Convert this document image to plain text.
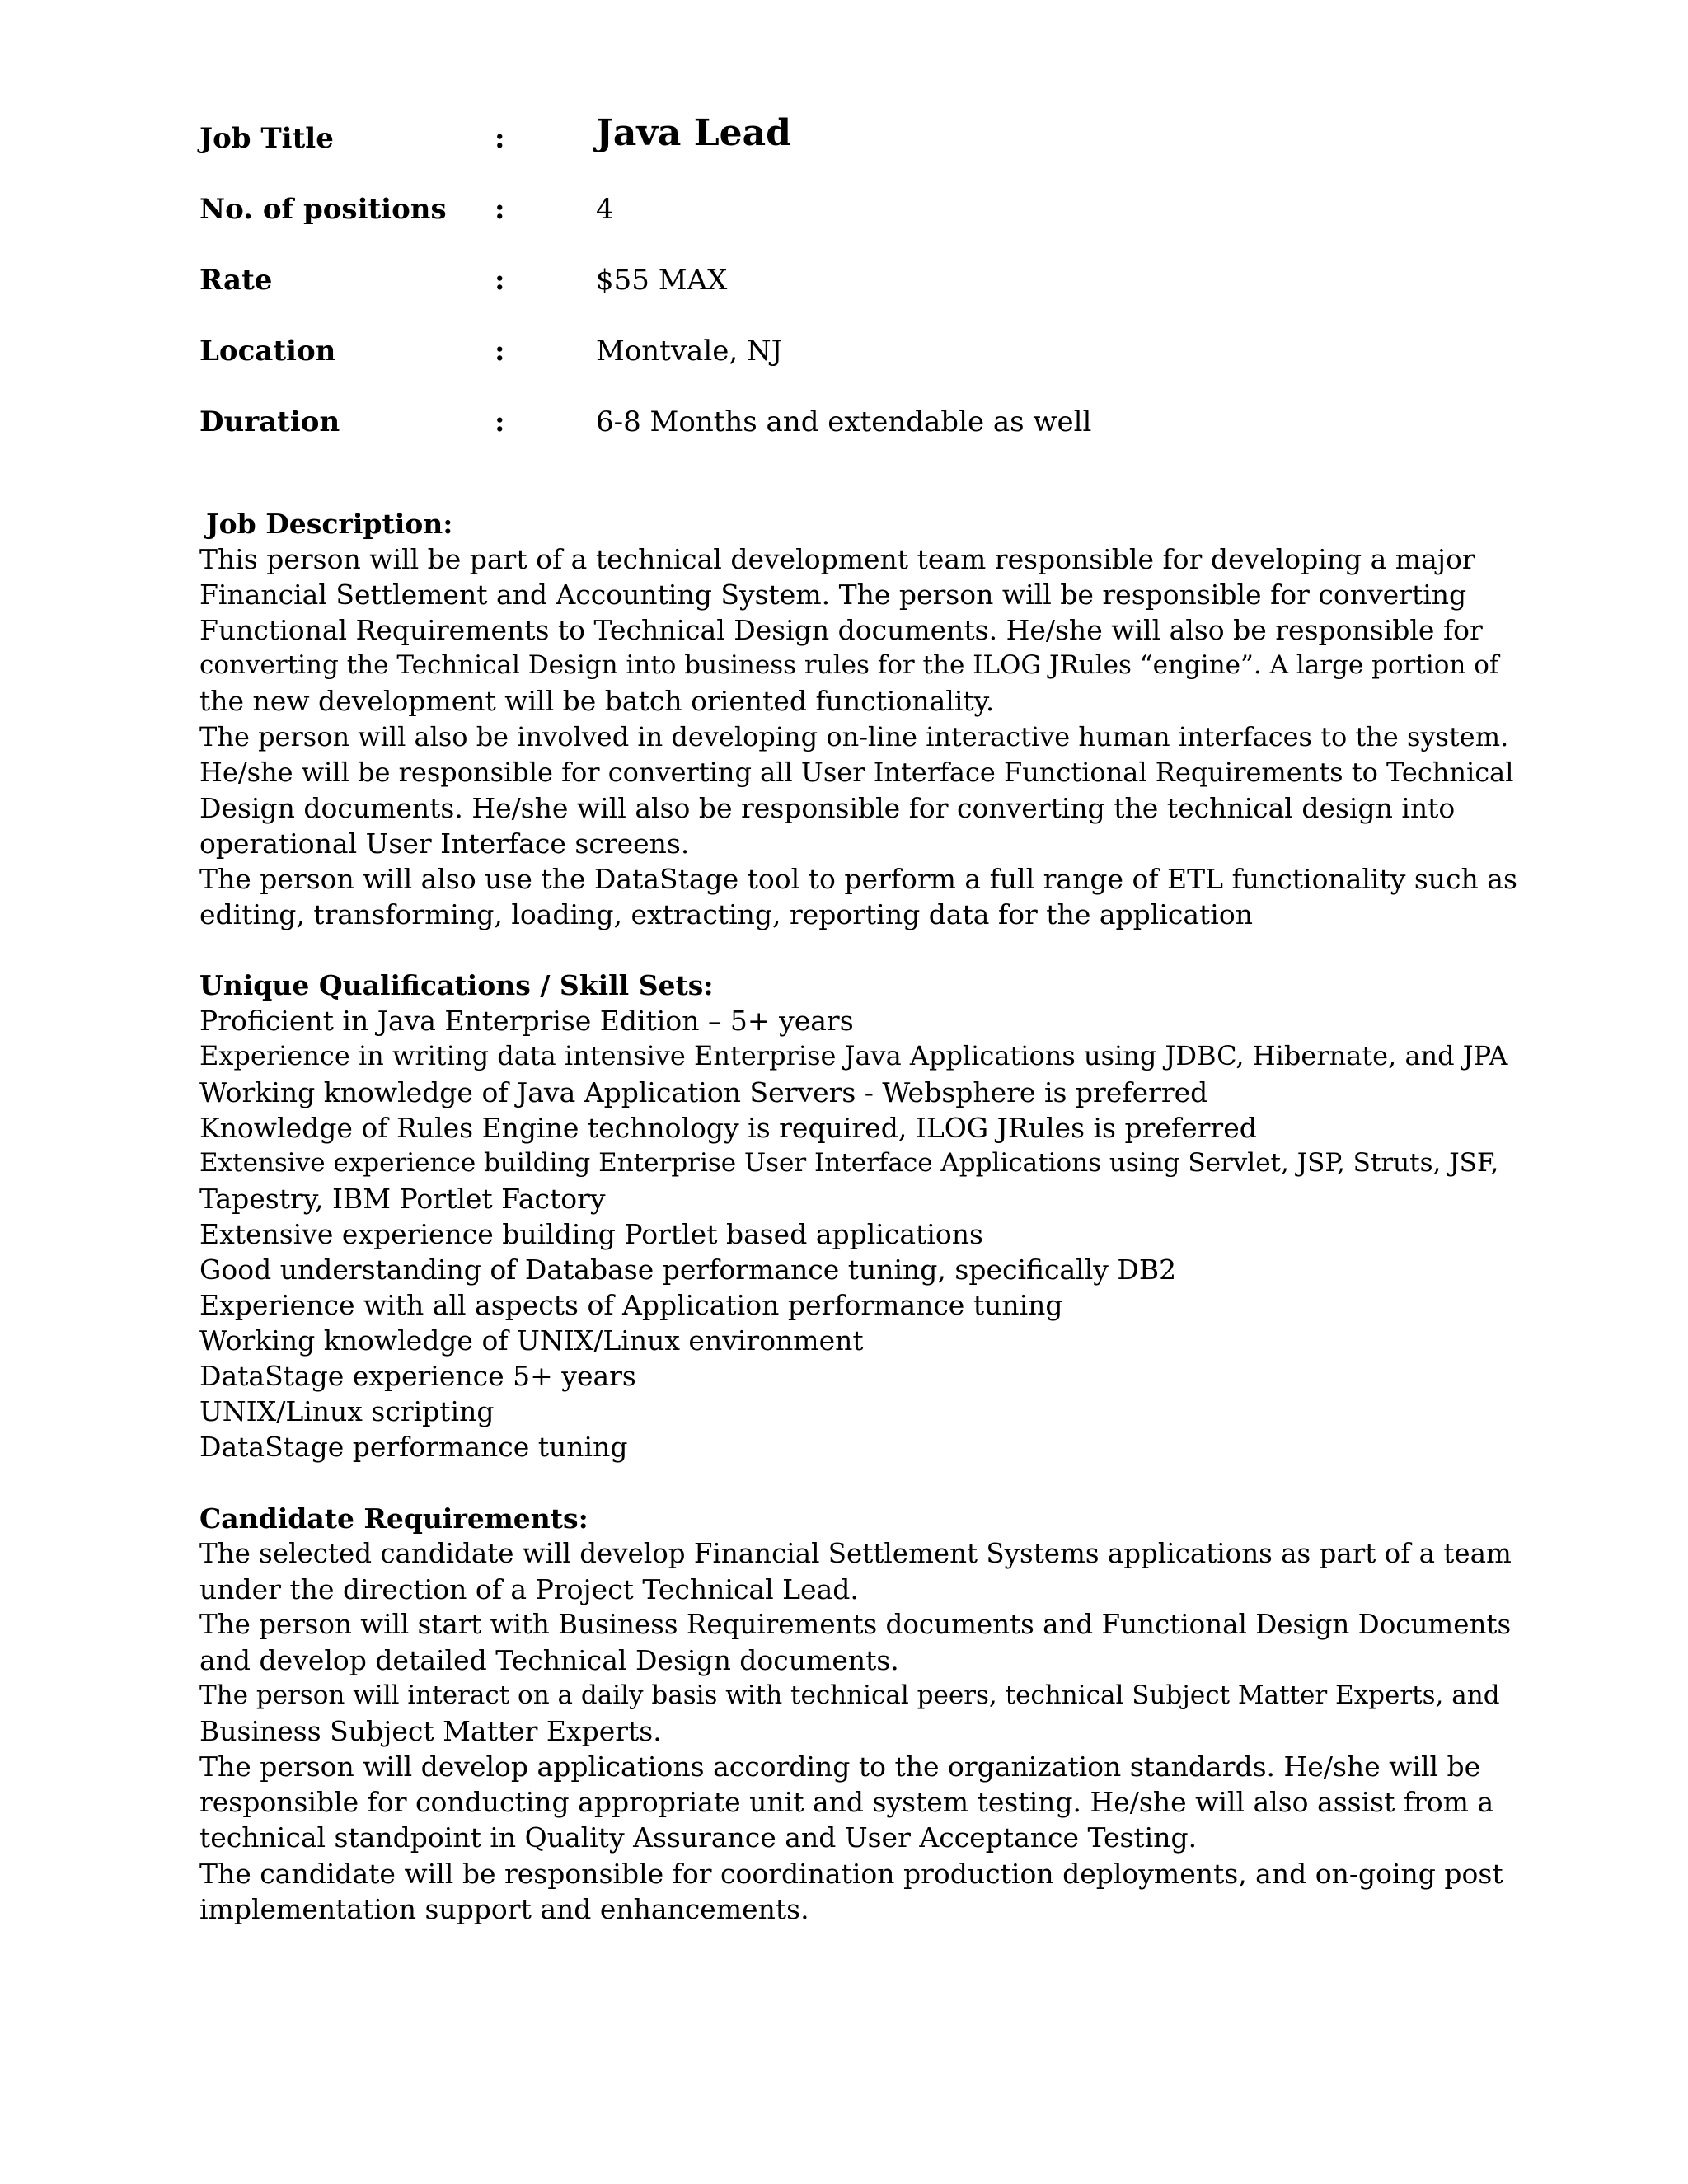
Job Title	:	Java Lead
No. of positions :	4
Rate	:	$55 MAX
Location	:	Montvale, NJ
Duration	:	6-8 Months and extendable as well

Job Description:

This person will be part of a technical development team responsible for developing a major

Financial Settlement and Accounting System. The person will be responsible for converting

Functional Requirements to Technical Design documents. He/she will also be responsible for

converting the Technical Design into business rules for the ILOG JRules “engine”. A large portion of

the new development will be batch oriented functionality.

The person will also be involved in developing on-line interactive human interfaces to the system.

He/she will be responsible for converting all User Interface Functional Requirements to Technical

Design documents. He/she will also be responsible for converting the technical design into

operational User Interface screens.

The person will also use the DataStage tool to perform a full range of ETL functionality such as

editing, transforming, loading, extracting, reporting data for the application

Unique Qualifications / Skill Sets:

Proficient in Java Enterprise Edition – 5+ years

Experience in writing data intensive Enterprise Java Applications using JDBC, Hibernate, and JPA

Working knowledge of Java Application Servers - Websphere is preferred

Knowledge of Rules Engine technology is required, ILOG JRules is preferred

Extensive experience building Enterprise User Interface Applications using Servlet, JSP, Struts, JSF,

Tapestry, IBM Portlet Factory

Extensive experience building Portlet based applications

Good understanding of Database performance tuning, specifically DB2

Experience with all aspects of Application performance tuning

Working knowledge of UNIX/Linux environment

DataStage experience 5+ years

UNIX/Linux scripting

DataStage performance tuning

Candidate Requirements:

The selected candidate will develop Financial Settlement Systems applications as part of a team

under the direction of a Project Technical Lead.

The person will start with Business Requirements documents and Functional Design Documents

and develop detailed Technical Design documents.

The person will interact on a daily basis with technical peers, technical Subject Matter Experts, and

Business Subject Matter Experts.

The person will develop applications according to the organization standards. He/she will be

responsible for conducting appropriate unit and system testing. He/she will also assist from a

technical standpoint in Quality Assurance and User Acceptance Testing.

The candidate will be responsible for coordination production deployments, and on-going post

implementation support and enhancements.
